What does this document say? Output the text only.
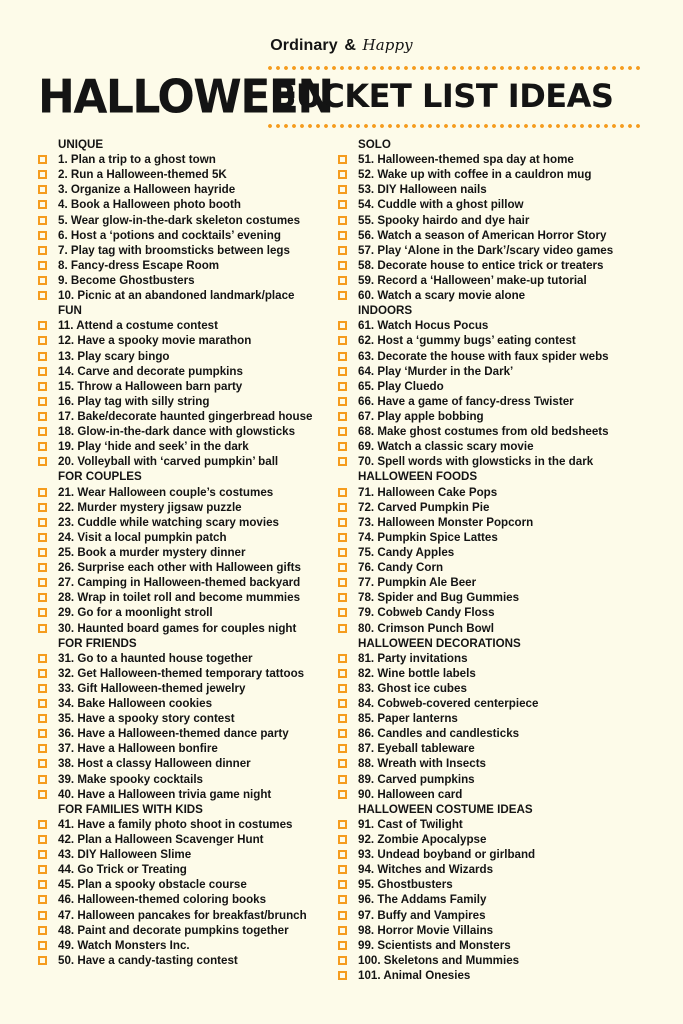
Ordinary & Happy
HALLOWEEN
BUCKET LIST IDEAS
UNIQUE
1. Plan a trip to a ghost town
2. Run a Halloween-themed 5K
3. Organize a Halloween hayride
4. Book a Halloween photo booth
5. Wear glow-in-the-dark skeleton costumes
6. Host a ‘potions and cocktails’ evening
7. Play tag with broomsticks between legs
8. Fancy-dress Escape Room
9. Become Ghostbusters
10. Picnic at an abandoned landmark/place
FUN
11. Attend a costume contest
12. Have a spooky movie marathon
13. Play scary bingo
14. Carve and decorate pumpkins
15. Throw a Halloween barn party
16. Play tag with silly string
17. Bake/decorate haunted gingerbread house
18. Glow-in-the-dark dance with glowsticks
19. Play ‘hide and seek’ in the dark
20. Volleyball with ‘carved pumpkin’ ball
FOR COUPLES
21. Wear Halloween couple’s costumes
22. Murder mystery jigsaw puzzle
23. Cuddle while watching scary movies
24. Visit a local pumpkin patch
25. Book a murder mystery dinner
26. Surprise each other with Halloween gifts
27. Camping in Halloween-themed backyard
28. Wrap in toilet roll and become mummies
29. Go for a moonlight stroll
30. Haunted board games for couples night
FOR FRIENDS
31. Go to a haunted house together
32. Get Halloween-themed temporary tattoos
33. Gift Halloween-themed jewelry
34. Bake Halloween cookies
35. Have a spooky story contest
36. Have a Halloween-themed dance party
37. Have a Halloween bonfire
38. Host a classy Halloween dinner
39. Make spooky cocktails
40. Have a Halloween trivia game night
FOR FAMILIES WITH KIDS
41. Have a family photo shoot in costumes
42. Plan a Halloween Scavenger Hunt
43. DIY Halloween Slime
44. Go Trick or Treating
45. Plan a spooky obstacle course
46. Halloween-themed coloring books
47. Halloween pancakes for breakfast/brunch
48. Paint and decorate pumpkins together
49. Watch Monsters Inc.
50. Have a candy-tasting contest
SOLO
51. Halloween-themed spa day at home
52. Wake up with coffee in a cauldron mug
53. DIY Halloween nails
54. Cuddle with a ghost pillow
55. Spooky hairdo and dye hair
56. Watch a season of American Horror Story
57. Play ‘Alone in the Dark’/scary video games
58. Decorate house to entice trick or treaters
59. Record a ‘Halloween’ make-up tutorial
60. Watch a scary movie alone
INDOORS
61. Watch Hocus Pocus
62. Host a ‘gummy bugs’ eating contest
63. Decorate the house with faux spider webs
64. Play ‘Murder in the Dark’
65. Play Cluedo
66. Have a game of fancy-dress Twister
67. Play apple bobbing
68. Make ghost costumes from old bedsheets
69. Watch a classic scary movie
70. Spell words with glowsticks in the dark
HALLOWEEN FOODS
71. Halloween Cake Pops
72. Carved Pumpkin Pie
73. Halloween Monster Popcorn
74. Pumpkin Spice Lattes
75. Candy Apples
76. Candy Corn
77. Pumpkin Ale Beer
78. Spider and Bug Gummies
79. Cobweb Candy Floss
80. Crimson Punch Bowl
HALLOWEEN DECORATIONS
81. Party invitations
82. Wine bottle labels
83. Ghost ice cubes
84. Cobweb-covered centerpiece
85. Paper lanterns
86. Candles and candlesticks
87. Eyeball tableware
88. Wreath with Insects
89. Carved pumpkins
90. Halloween card
HALLOWEEN COSTUME IDEAS
91. Cast of Twilight
92. Zombie Apocalypse
93. Undead boyband or girlband
94. Witches and Wizards
95. Ghostbusters
96. The Addams Family
97. Buffy and Vampires
98. Horror Movie Villains
99. Scientists and Monsters
100. Skeletons and Mummies
101. Animal Onesies
